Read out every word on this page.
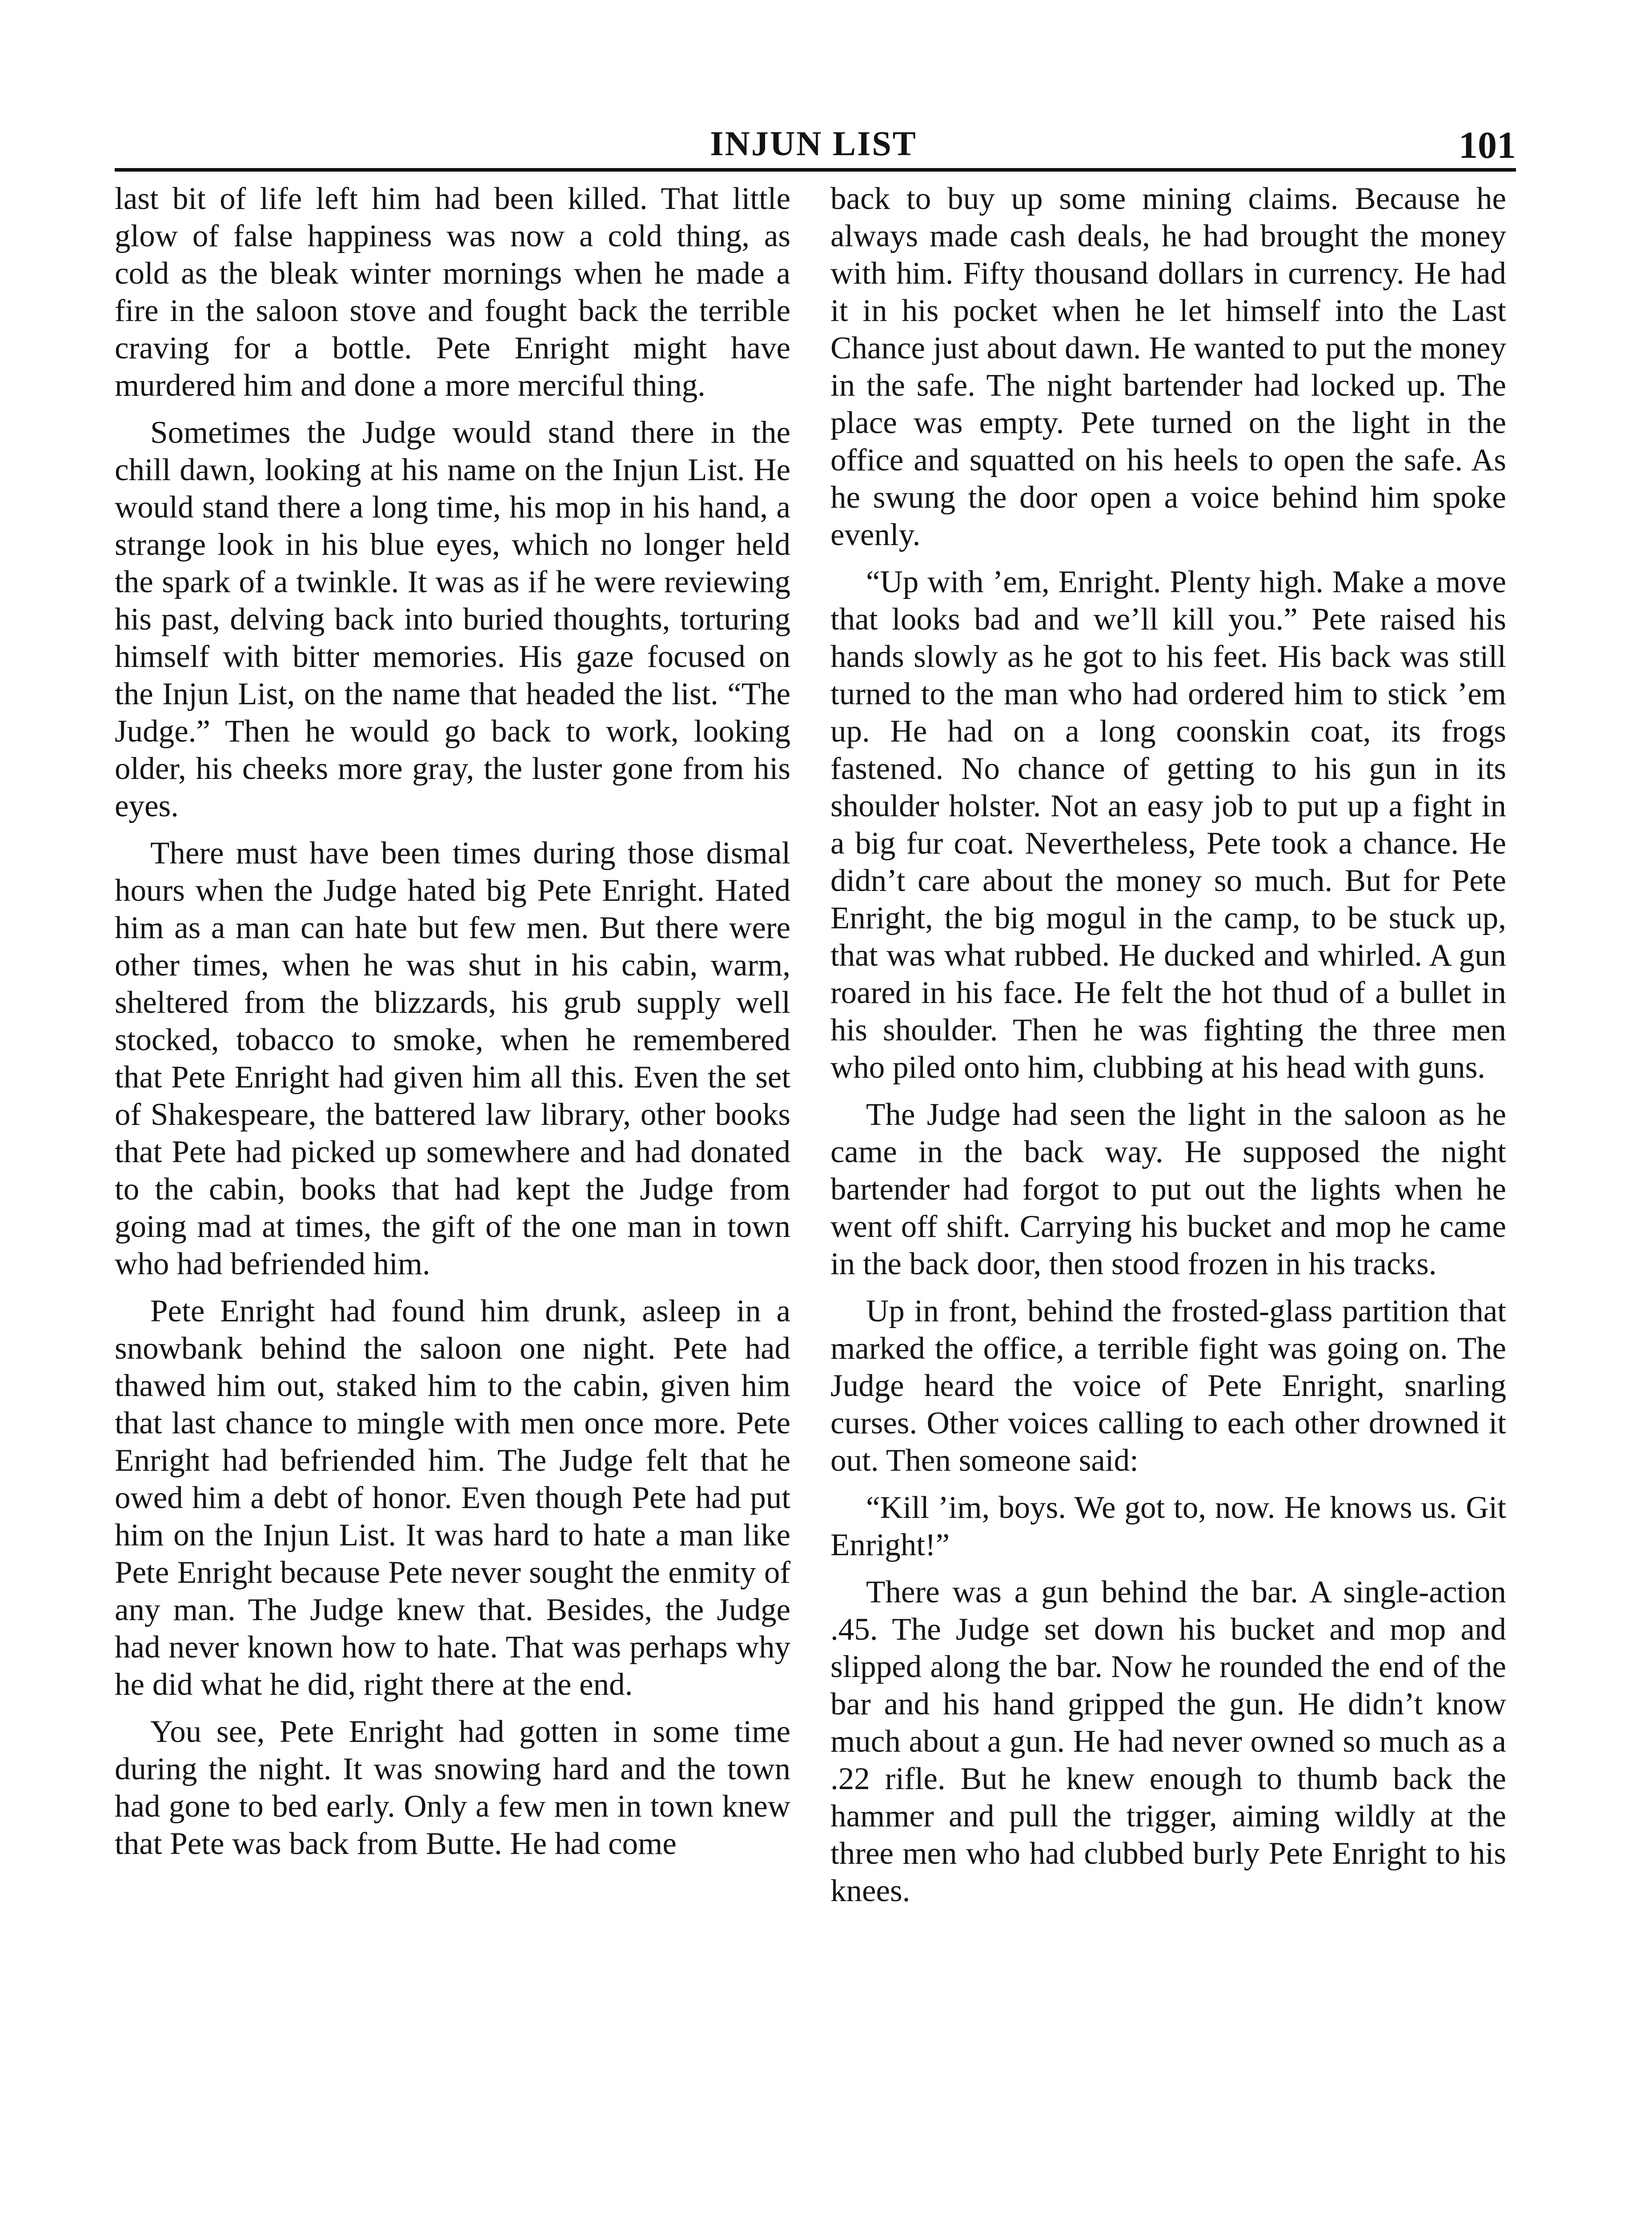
INJUN LIST	101

last bit of life left him had been killed. That little glow of false happiness was now a cold thing, as cold as the bleak winter mornings when he made a fire in the saloon stove and fought back the terrible craving for a bottle. Pete Enright might have murdered him and done a more merciful thing.

Sometimes the Judge would stand there in the chill dawn, looking at his name on the Injun List. He would stand there a long time, his mop in his hand, a strange look in his blue eyes, which no longer held the spark of a twinkle. It was as if he were reviewing his past, delving back into buried thoughts, torturing himself with bitter memories. His gaze focused on the Injun List, on the name that headed the list. “The Judge.” Then he would go back to work, looking older, his cheeks more gray, the luster gone from his eyes.

There must have been times during those dismal hours when the Judge hated big Pete Enright. Hated him as a man can hate but few men. But there were other times, when he was shut in his cabin, warm, sheltered from the blizzards, his grub supply well stocked, tobacco to smoke, when he remembered that Pete Enright had given him all this. Even the set of Shakespeare, the battered law library, other books that Pete had picked up somewhere and had donated to the cabin, books that had kept the Judge from going mad at times, the gift of the one man in town who had befriended him.

Pete Enright had found him drunk, asleep in a snowbank behind the saloon one night. Pete had thawed him out, staked him to the cabin, given him that last chance to mingle with men once more. Pete Enright had befriended him. The Judge felt that he owed him a debt of honor. Even though Pete had put him on the Injun List. It was hard to hate a man like Pete Enright because Pete never sought the enmity of any man. The Judge knew that. Besides, the Judge had never known how to hate. That was perhaps why he did what he did, right there at the end.

You see, Pete Enright had gotten in some time during the night. It was snowing hard and the town had gone to bed early. Only a few men in town knew that Pete was back from Butte. He had come

back to buy up some mining claims. Because he always made cash deals, he had brought the money with him. Fifty thousand dollars in currency. He had it in his pocket when he let himself into the Last Chance just about dawn. He wanted to put the money in the safe. The night bartender had locked up. The place was empty. Pete turned on the light in the office and squatted on his heels to open the safe. As he swung the door open a voice behind him spoke evenly.

“Up with ’em, Enright. Plenty high. Make a move that looks bad and we’ll kill you.” Pete raised his hands slowly as he got to his feet. His back was still turned to the man who had ordered him to stick ’em up. He had on a long coonskin coat, its frogs fastened. No chance of getting to his gun in its shoulder holster. Not an easy job to put up a fight in a big fur coat. Nevertheless, Pete took a chance. He didn’t care about the money so much. But for Pete Enright, the big mogul in the camp, to be stuck up, that was what rubbed. He ducked and whirled. A gun roared in his face. He felt the hot thud of a bullet in his shoulder. Then he was fighting the three men who piled onto him, clubbing at his head with guns.

The Judge had seen the light in the saloon as he came in the back way. He supposed the night bartender had forgot to put out the lights when he went off shift. Carrying his bucket and mop he came in the back door, then stood frozen in his tracks.

Up in front, behind the frosted-glass partition that marked the office, a terrible fight was going on. The Judge heard the voice of Pete Enright, snarling curses. Other voices calling to each other drowned it out. Then someone said:

“Kill ’im, boys. We got to, now. He knows us. Git Enright!”

There was a gun behind the bar. A single-action .45. The Judge set down his bucket and mop and slipped along the bar. Now he rounded the end of the bar and his hand gripped the gun. He didn’t know much about a gun. He had never owned so much as a .22 rifle. But he knew enough to thumb back the hammer and pull the trigger, aiming wildly at the three men who had clubbed burly Pete Enright to his knees.
